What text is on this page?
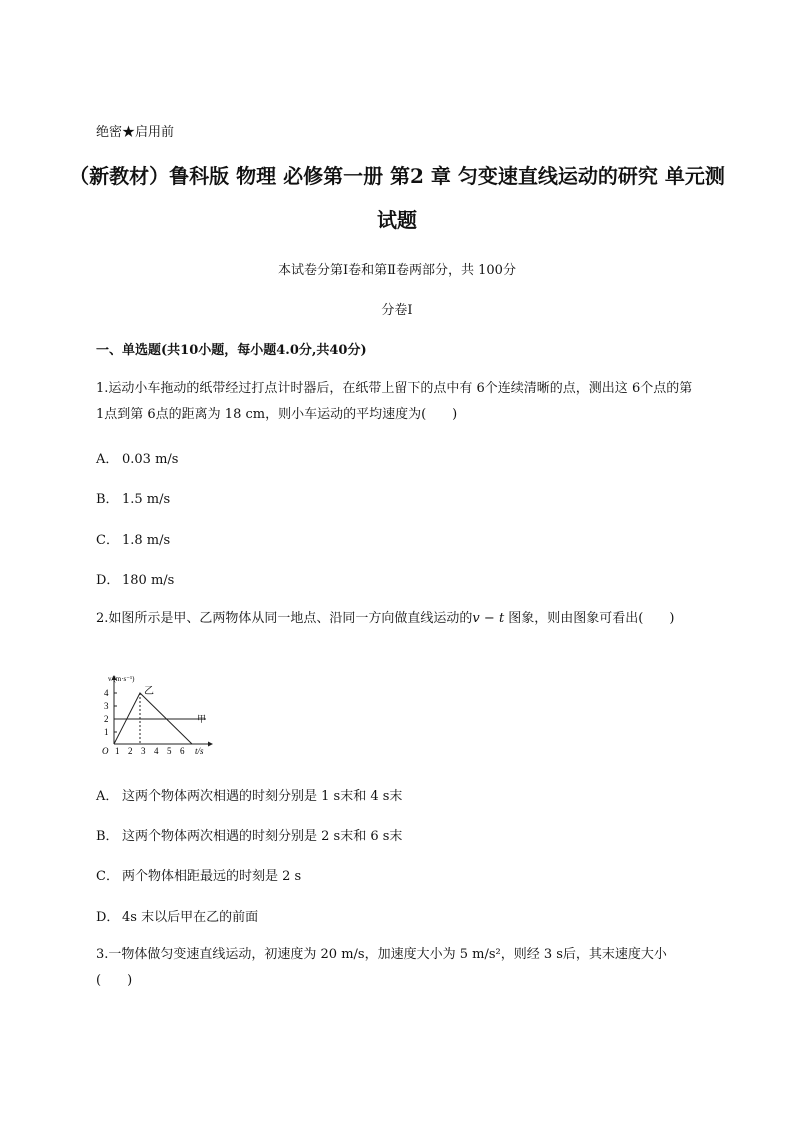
绝密★启用前
（新教材）鲁科版 物理 必修第一册 第2 章 匀变速直线运动的研究 单元测试题
本试卷分第Ⅰ卷和第Ⅱ卷两部分，共 100分
分卷I
一、单选题(共10小题，每小题4.0分,共40分)
1.运动小车拖动的纸带经过打点计时器后，在纸带上留下的点中有 6个连续清晰的点，测出这 6个点的第 1点到第 6点的距离为 18 cm，则小车运动的平均速度为(　　)
A． 0.03 m/s
B． 1.5 m/s
C． 1.8 m/s
D． 180 m/s
2.如图所示是甲、乙两物体从同一地点、沿同一方向做直线运动的v − t 图象，则由图象可看出(　　)
1
2
3
4
O 1 2 3 4 5 6 t/s
v/(m·s⁻¹)
甲
乙
A． 这两个物体两次相遇的时刻分别是 1 s末和 4 s末
B． 这两个物体两次相遇的时刻分别是 2 s末和 6 s末
C． 两个物体相距最远的时刻是 2 s
D． 4s 末以后甲在乙的前面
3.一物体做匀变速直线运动，初速度为 20 m/s，加速度大小为 5 m/s²，则经 3 s后，其末速度大小(　　)
